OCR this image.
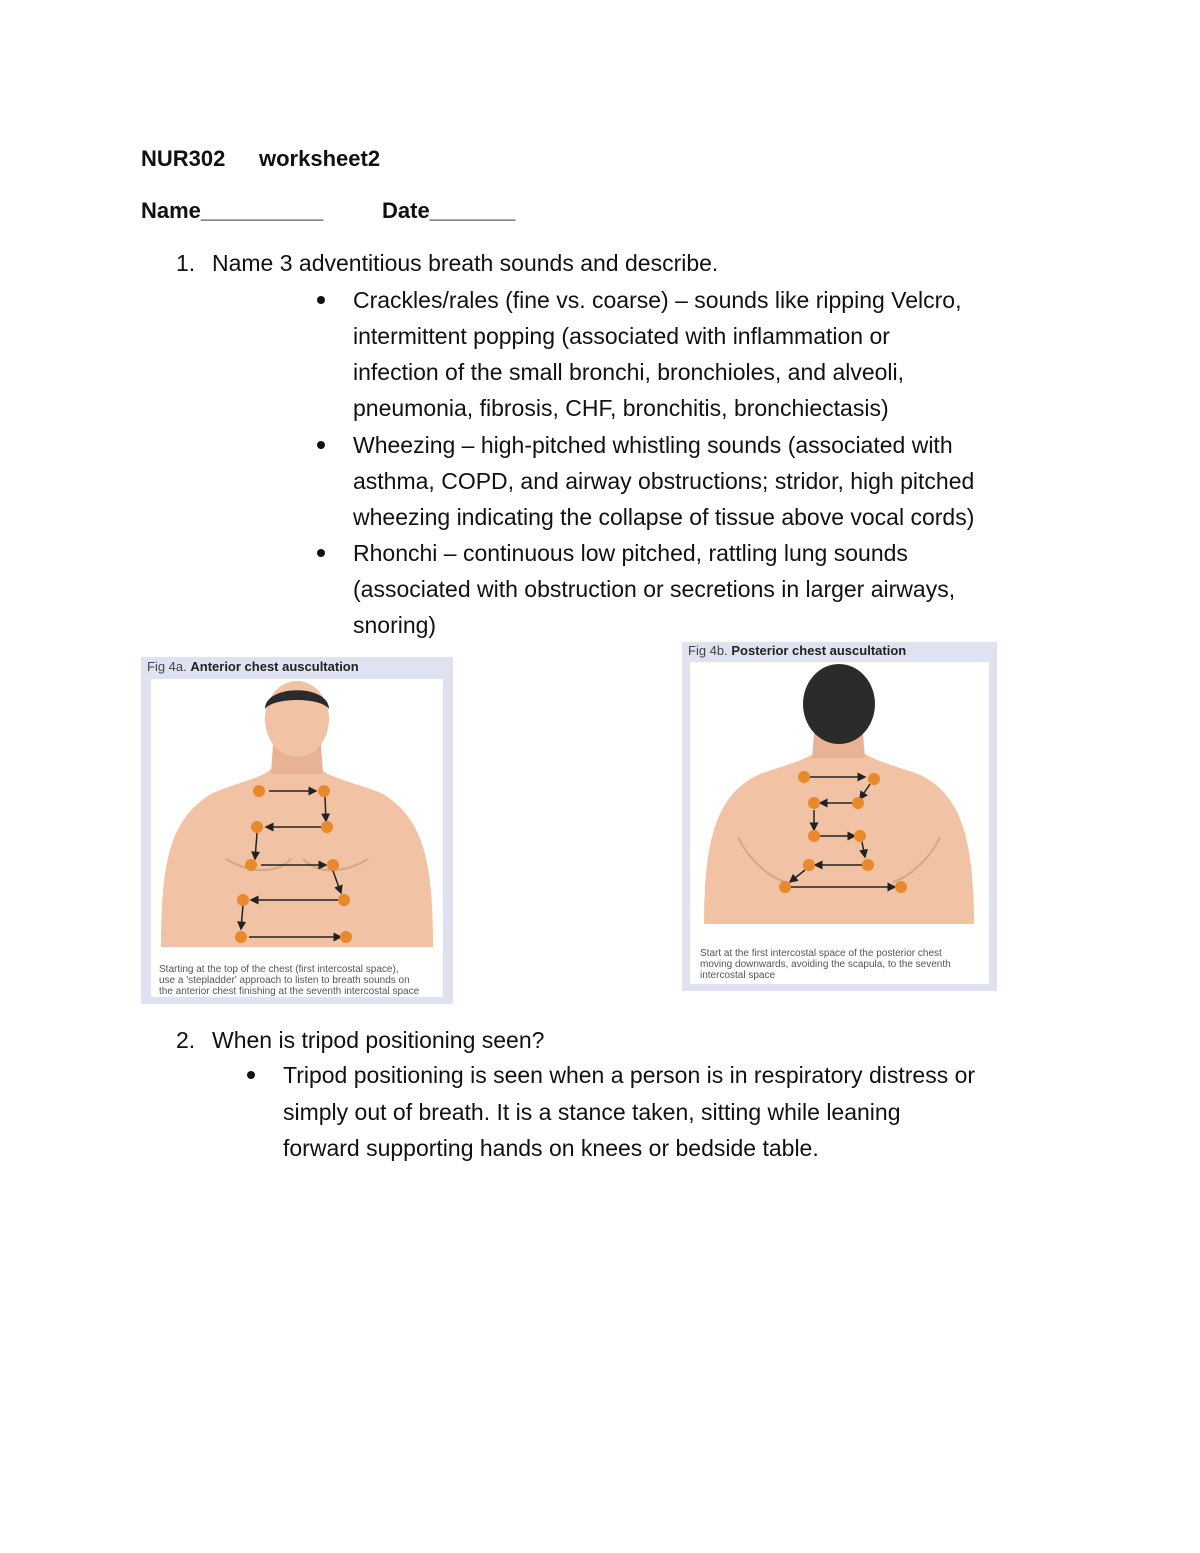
NUR302 worksheet2
Name__________	Date_______
1. Name 3 adventitious breath sounds and describe.
Crackles/rales (fine vs. coarse) – sounds like ripping Velcro,
intermittent popping (associated with inflammation or
infection of the small bronchi, bronchioles, and alveoli,
pneumonia, fibrosis, CHF, bronchitis, bronchiectasis)
Wheezing – high-pitched whistling sounds (associated with
asthma, COPD, and airway obstructions; stridor, high pitched
wheezing indicating the collapse of tissue above vocal cords)
Rhonchi – continuous low pitched, rattling lung sounds
(associated with obstruction or secretions in larger airways,
snoring)
Fig 4a. Anterior chest auscultation
Starting at the top of the chest (first intercostal space),
use a 'stepladder' approach to listen to breath sounds on
the anterior chest finishing at the seventh intercostal space
Fig 4b. Posterior chest auscultation
Start at the first intercostal space of the posterior chest
moving downwards, avoiding the scapula, to the seventh
intercostal space
2. When is tripod positioning seen?
Tripod positioning is seen when a person is in respiratory distress or
simply out of breath. It is a stance taken, sitting while leaning
forward supporting hands on knees or bedside table.
